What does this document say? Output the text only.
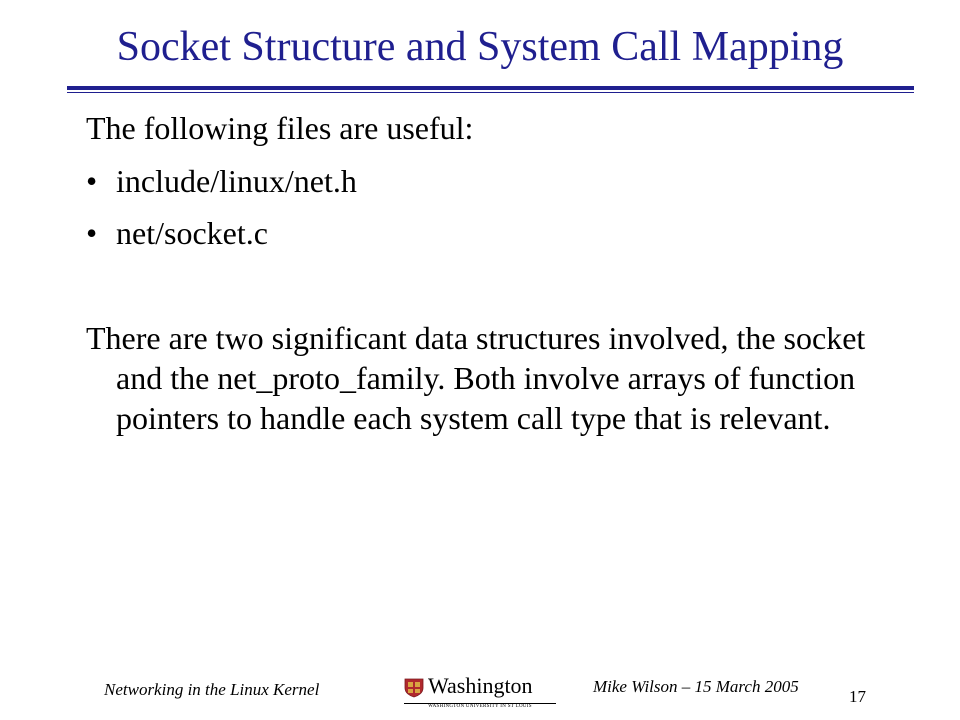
Socket Structure and System Call Mapping

The following files are useful:

• include/linux/net.h
• net/socket.c

There are two significant data structures involved, the socket and the net_proto_family. Both involve arrays of function pointers to handle each system call type that is relevant.

Networking in the Linux Kernel	Washington
WASHINGTON UNIVERSITY IN ST LOUIS
Mike Wilson – 15 March 2005
17
